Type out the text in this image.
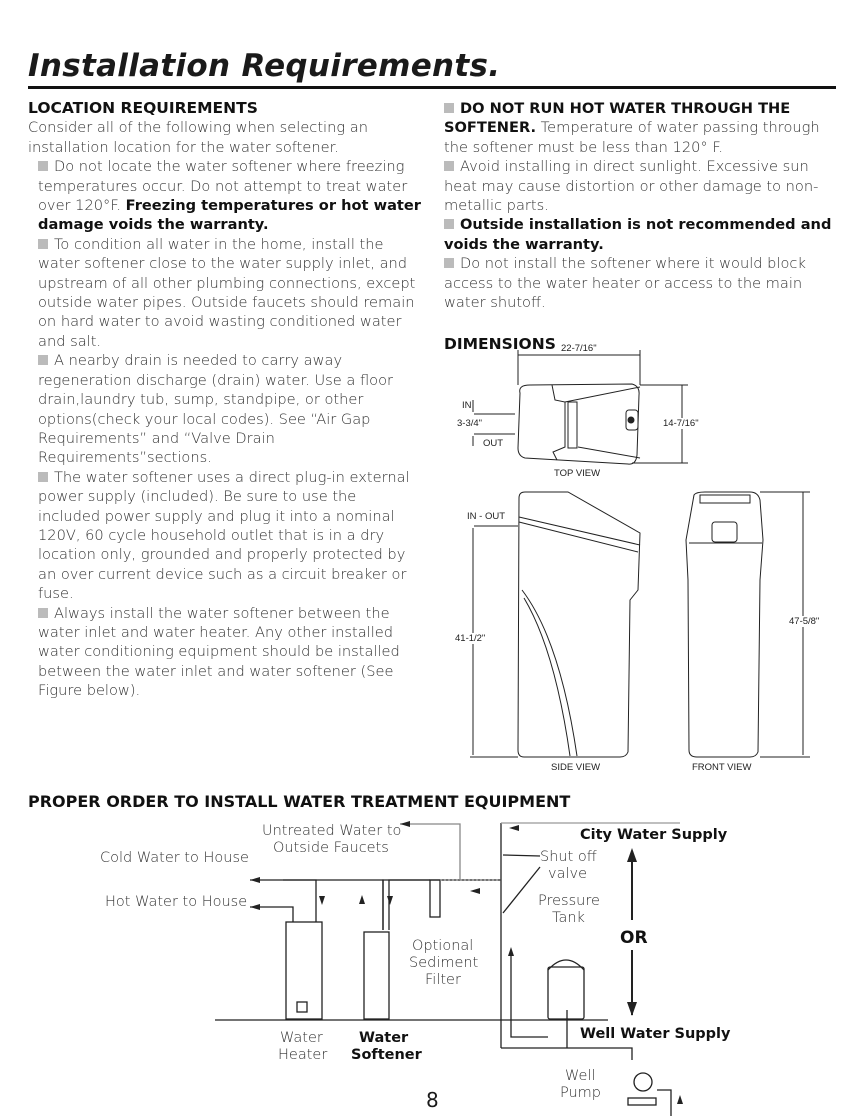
Installation Requirements.
LOCATION REQUIREMENTS

Consider all of the following when selecting an installation location for the water softener.

Do not locate the water softener where freezing temperatures occur. Do not attempt to treat water over 120°F. Freezing temperatures or hot water damage voids the warranty.

To condition all water in the home, install the water softener close to the water supply inlet, and upstream of all other plumbing connections, except outside water pipes. Outside faucets should remain on hard water to avoid wasting conditioned water and salt.

A nearby drain is needed to carry away regeneration discharge (drain) water. Use a floor drain,laundry tub, sump, standpipe, or other options(check your local codes). See “Air Gap Requirements” and “Valve Drain Requirements”sections.

The water softener uses a direct plug-in external power supply (included). Be sure to use the included power supply and plug it into a nominal 120V, 60 cycle household outlet that is in a dry location only, grounded and properly protected by an over current device such as a circuit breaker or fuse.

Always install the water softener between the water inlet and water heater. Any other installed water conditioning equipment should be installed between the water inlet and water softener (See Figure below).

DO NOT RUN HOT WATER THROUGH THE SOFTENER. Temperature of water passing through the softener must be less than 120° F.

Avoid installing in direct sunlight. Excessive sun heat may cause distortion or other damage to non-metallic parts.

Outside installation is not recommended and voids the warranty.

Do not install the softener where it would block access to the water heater or access to the main water shutoff.

DIMENSIONS 22-7/16"
IN
3-3/4"
OUT
14-7/16"
TOP VIEW
IN - OUT
41-1/2"
47-5/8"
SIDE VIEW	FRONT VIEW
PROPER ORDER TO INSTALL WATER TREATMENT EQUIPMENT
Untreated Water to
Outside Faucets
Cold Water to House
Hot Water to House
Optional
Sediment
Filter
Water
Heater
Water
Softener
City Water Supply
Shut off
valve
Pressure
Tank
OR
Well Water Supply
Well
Pump
8
